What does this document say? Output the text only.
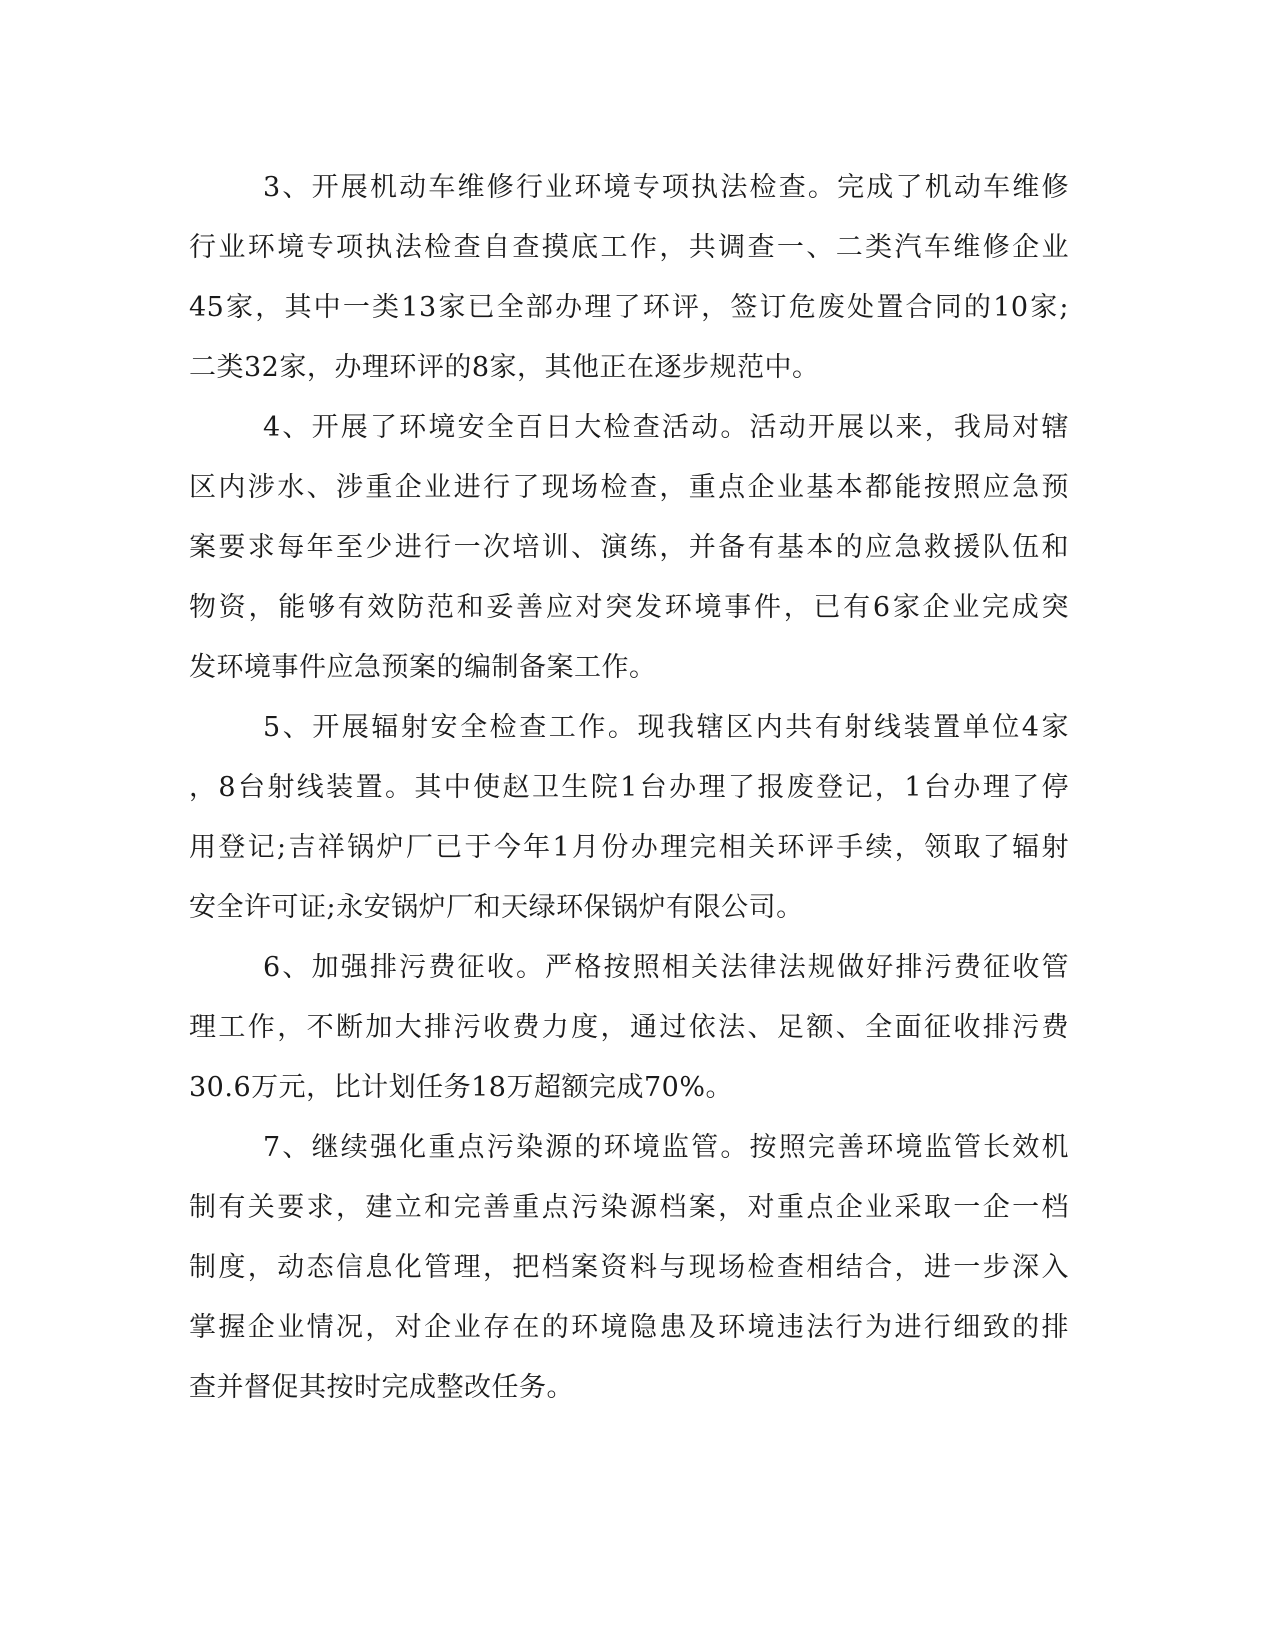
3、开展机动车维修行业环境专项执法检查。完成了机动车维修
行业环境专项执法检查自查摸底工作，共调查一、二类汽车维修企业
45家，其中一类13家已全部办理了环评，签订危废处置合同的10家;
二类32家，办理环评的8家，其他正在逐步规范中。
4、开展了环境安全百日大检查活动。活动开展以来，我局对辖
区内涉水、涉重企业进行了现场检查，重点企业基本都能按照应急预
案要求每年至少进行一次培训、演练，并备有基本的应急救援队伍和
物资，能够有效防范和妥善应对突发环境事件，已有6家企业完成突
发环境事件应急预案的编制备案工作。
5、开展辐射安全检查工作。现我辖区内共有射线装置单位4家
，8台射线装置。其中使赵卫生院1台办理了报废登记，1台办理了停
用登记;吉祥锅炉厂已于今年1月份办理完相关环评手续，领取了辐射
安全许可证;永安锅炉厂和天绿环保锅炉有限公司。
6、加强排污费征收。严格按照相关法律法规做好排污费征收管
理工作，不断加大排污收费力度，通过依法、足额、全面征收排污费
30.6万元，比计划任务18万超额完成70%。
7、继续强化重点污染源的环境监管。按照完善环境监管长效机
制有关要求，建立和完善重点污染源档案，对重点企业采取一企一档
制度，动态信息化管理，把档案资料与现场检查相结合，进一步深入
掌握企业情况，对企业存在的环境隐患及环境违法行为进行细致的排
查并督促其按时完成整改任务。
